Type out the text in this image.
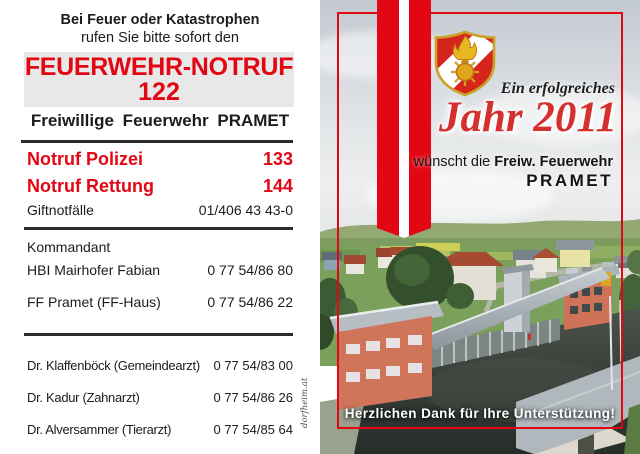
Bei Feuer oder Katastrophen
rufen Sie bitte sofort den
FEUERWEHR-NOTRUF
122
Freiwillige Feuerwehr PRAMET
Notruf Polizei	133
Notruf Rettung	144
Giftnotfälle	01/406 43 43-0
Kommandant
HBI Mairhofer Fabian	0 77 54/86 80
FF Pramet (FF-Haus)	0 77 54/86 22
Dr. Klaffenböck (Gemeindearzt) 0 77 54/83 00
Dr. Kadur (Zahnarzt)	0 77 54/86 26
Dr. Alversammer (Tierarzt)	0 77 54/85 64
dorfheim.at
Ein erfolgreiches
Jahr 2011
wünscht die Freiw. Feuerwehr
PRAMET
Herzlichen Dank für Ihre Unterstützung!
